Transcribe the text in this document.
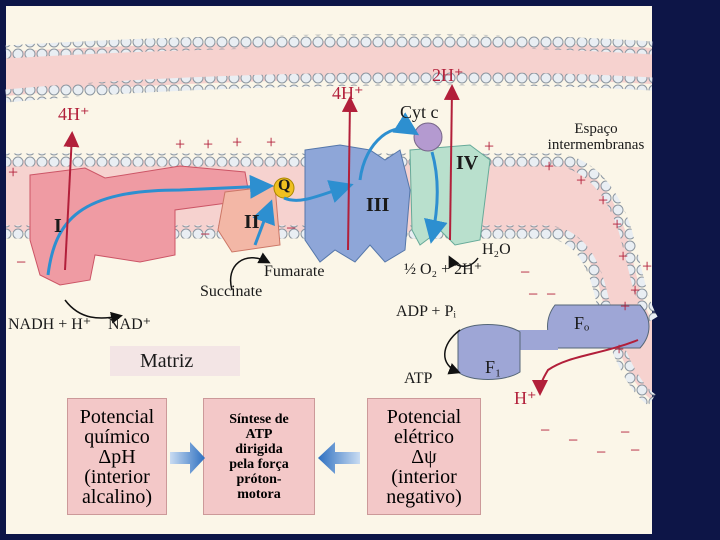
+ + + +
+
+
+
+
+
+
+ +
+
+
+
−
−	−
−
− −
− −
− −
−
4H⁺
4H⁺
2H⁺
Cyt c
Espaço
intermembranas
I	II
III
IV
Q
H₂O
½ O₂ + 2H⁺
Fumarate
Succinate
NADH + H⁺ NAD⁺
ADP + Pᵢ
ATP
Fₒ
F₁
H⁺
Matriz
Potencial
químico
ΔpH
(interior
alcalino)
Síntese de
ATP
dirigida
pela força
próton-
motora
Potencial
elétrico
Δψ
(interior
negativo)
